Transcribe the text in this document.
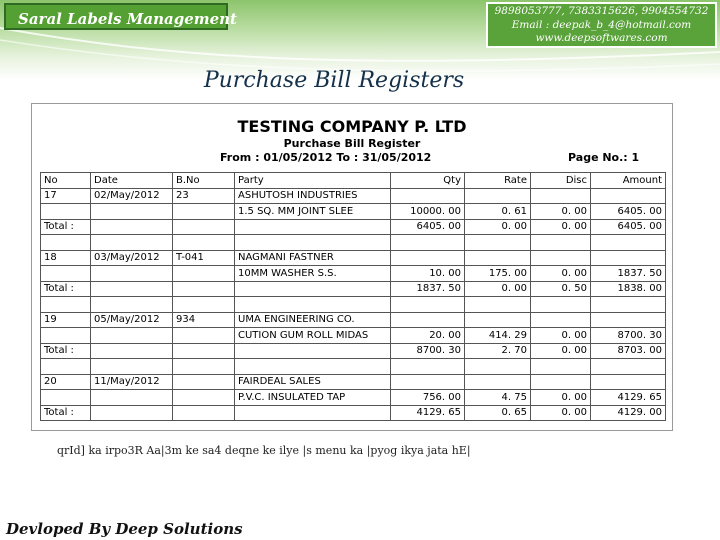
Saral Labels Management	9898053777, 7383315626, 9904554732
Email : deepak_b_4@hotmail.com
www.deepsoftwares.com
Purchase Bill Registers
TESTING COMPANY P. LTD
Purchase Bill Register
From : 01/05/2012 To : 31/05/2012	Page No.: 1
No	Date	B.No	Party	Qty	Rate	Disc	Amount
17	02/May/2012	23	ASHUTOSH INDUSTRIES				
			1.5 SQ. MM JOINT SLEE	10000. 00	0. 61	0. 00	6405. 00
Total :				6405. 00	0. 00	0. 00	6405. 00

18	03/May/2012	T-041	NAGMANI FASTNER				
			10MM WASHER S.S.	10. 00	175. 00	0. 00	1837. 50
Total :				1837. 50	0. 00	0. 50	1838. 00

19	05/May/2012	934	UMA ENGINEERING CO.				
			CUTION GUM ROLL MIDAS	20. 00	414. 29	0. 00	8700. 30
Total :				8700. 30	2. 70	0. 00	8703. 00

20	11/May/2012		FAIRDEAL SALES				
			P.V.C. INSULATED TAP	756. 00	4. 75	0. 00	4129. 65
Total :				4129. 65	0. 65	0. 00	4129. 00
qrId] ka irpo3R Aa|3m ke sa4 deqne ke ilye |s menu ka |pyog ikya jata hE|
Devloped By Deep Solutions
